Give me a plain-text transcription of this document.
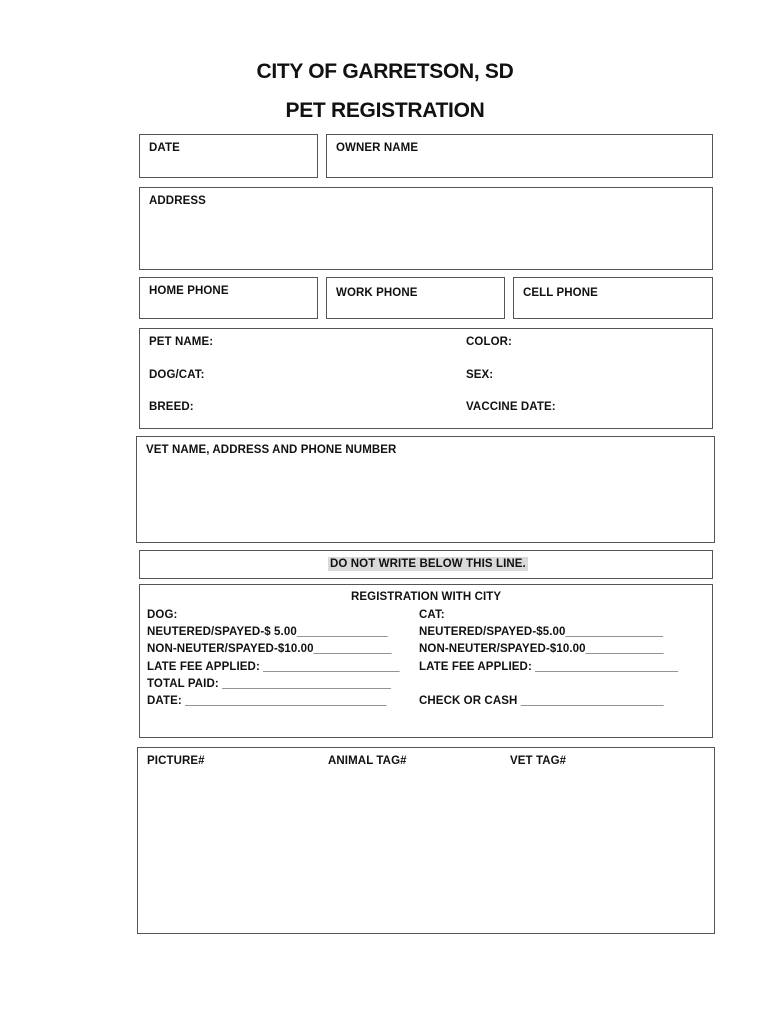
CITY OF GARRETSON, SD
PET REGISTRATION
DATE	OWNER NAME
ADDRESS
HOME PHONE	WORK PHONE	CELL PHONE
PET NAME:	COLOR:
DOG/CAT:	SEX:
BREED:	VACCINE DATE:
VET NAME, ADDRESS AND PHONE NUMBER
DO NOT WRITE BELOW THIS LINE.
REGISTRATION WITH CITY
DOG:
NEUTERED/SPAYED-$ 5.00______________
NON-NEUTER/SPAYED-$10.00____________
LATE FEE APPLIED: _____________________
TOTAL PAID: __________________________
DATE: _______________________________
CAT:
NEUTERED/SPAYED-$5.00_______________
NON-NEUTER/SPAYED-$10.00____________
LATE FEE APPLIED: ______________________
CHECK OR CASH ______________________
PICTURE#	ANIMAL TAG#	VET TAG#
